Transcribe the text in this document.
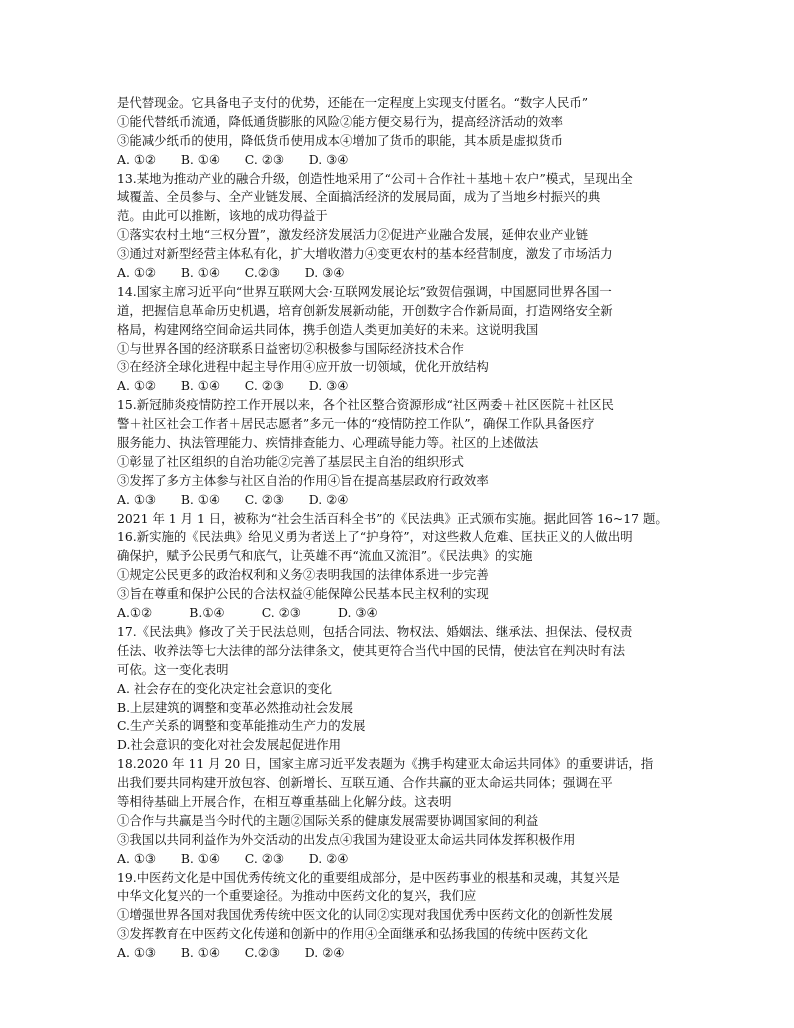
是代替现金。它具备电子支付的优势，还能在一定程度上实现支付匿名。“数字人民币”
①能代替纸币流通，降低通货膨胀的风险②能方便交易行为，提高经济活动的效率
③能减少纸币的使用，降低货币使用成本④增加了货币的职能，其本质是虚拟货币
A. ①②　　B. ①④　　C. ②③　　D. ③④
13.某地为推动产业的融合升级，创造性地采用了“公司＋合作社＋基地＋农户”模式，呈现出全
域覆盖、全员参与、全产业链发展、全面搞活经济的发展局面，成为了当地乡村振兴的典
范。由此可以推断，该地的成功得益于
①落实农村土地“三权分置”，激发经济发展活力②促进产业融合发展，延伸农业产业链
③通过对新型经营主体私有化，扩大增收潜力④变更农村的基本经营制度，激发了市场活力
A. ①②　　B. ①④　　C.②③　　D. ③④
14.国家主席习近平向“世界互联网大会·互联网发展论坛”致贺信强调，中国愿同世界各国一
道，把握信息革命历史机遇，培育创新发展新动能，开创数字合作新局面，打造网络安全新
格局，构建网络空间命运共同体，携手创造人类更加美好的未来。这说明我国
①与世界各国的经济联系日益密切②积极参与国际经济技术合作
③在经济全球化进程中起主导作用④应开放一切领域，优化开放结构
A. ①②　　B. ①④　　C. ②③　　D. ③④
15.新冠肺炎疫情防控工作开展以来，各个社区整合资源形成“社区两委＋社区医院＋社区民
警＋社区社会工作者＋居民志愿者”多元一体的“疫情防控工作队”，确保工作队具备医疗
服务能力、执法管理能力、疾情排查能力、心理疏导能力等。社区的上述做法
①彰显了社区组织的自治功能②完善了基层民主自治的组织形式
③发挥了多方主体参与社区自治的作用④旨在提高基层政府行政效率
A. ①③　　B. ①④　　C. ②③　　D. ②④
2021 年 1 月 1 日，被称为“社会生活百科全书”的《民法典》正式颁布实施。据此回答 16~17 题。
16.新实施的《民法典》给见义勇为者送上了“护身符”，对这些救人危难、匡扶正义的人做出明
确保护，赋予公民勇气和底气，让英雄不再“流血又流泪”。《民法典》的实施
①规定公民更多的政治权利和义务②表明我国的法律体系进一步完善
③旨在尊重和保护公民的合法权益④能保障公民基本民主权利的实现
A.①②　　　B.①④　　　C. ②③　　　D. ③④
17.《民法典》修改了关于民法总则，包括合同法、物权法、婚姻法、继承法、担保法、侵权责
任法、收养法等七大法律的部分法律条文，使其更符合当代中国的民情，使法官在判决时有法
可依。这一变化表明
A. 社会存在的变化决定社会意识的变化
B.上层建筑的调整和变革必然推动社会发展
C.生产关系的调整和变革能推动生产力的发展
D.社会意识的变化对社会发展起促进作用
18.2020 年 11 月 20 日，国家主席习近平发表题为《携手构建亚太命运共同体》的重要讲话，指
出我们要共同构建开放包容、创新增长、互联互通、合作共赢的亚太命运共同体；强调在平
等相待基础上开展合作，在相互尊重基础上化解分歧。这表明
①合作与共赢是当今时代的主题②国际关系的健康发展需要协调国家间的利益
③我国以共同利益作为外交活动的出发点④我国为建设亚太命运共同体发挥积极作用
A. ①③　　B. ①④　　C. ②③　　D. ②④
19.中医药文化是中国优秀传统文化的重要组成部分，是中医药事业的根基和灵魂，其复兴是
中华文化复兴的一个重要途径。为推动中医药文化的复兴，我们应
①增强世界各国对我国优秀传统中医文化的认同②实现对我国优秀中医药文化的创新性发展
③发挥教育在中医药文化传递和创新中的作用④全面继承和弘扬我国的传统中医药文化
A. ①③　　B. ①④　　C.②③　　D. ②④
